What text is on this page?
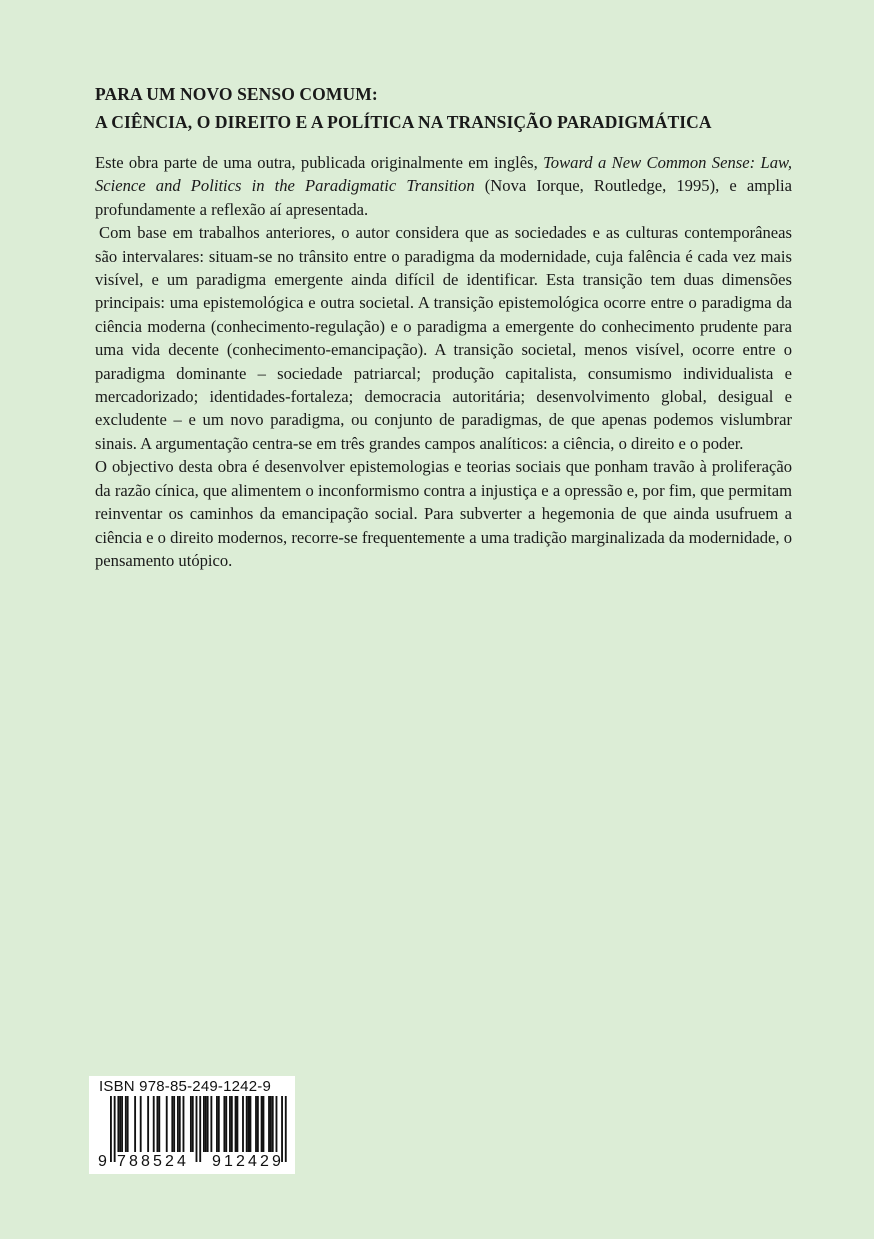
PARA UM NOVO SENSO COMUM:
A CIÊNCIA, O DIREITO E A POLÍTICA NA TRANSIÇÃO PARADIGMÁTICA

Este obra parte de uma outra, publicada originalmente em inglês, Toward a New Common Sense: Law, Science and Politics in the Paradigmatic Transition (Nova Iorque, Routledge, 1995), e amplia profundamente a reflexão aí apresentada.

Com base em trabalhos anteriores, o autor considera que as sociedades e as culturas contemporâneas são intervalares: situam-se no trânsito entre o paradigma da modernidade, cuja falência é cada vez mais visível, e um paradigma emergente ainda difícil de identificar. Esta transição tem duas dimensões principais: uma epistemológica e outra societal. A transição epistemológica ocorre entre o paradigma da ciência moderna (conhecimento-regulação) e o paradigma a emergente do conhecimento prudente para uma vida decente (conhecimento-emancipação). A transição societal, menos visível, ocorre entre o paradigma dominante – sociedade patriarcal; produção capitalista, consumismo individualista e mercadorizado; identidades-fortaleza; democracia autoritária; desenvolvimento global, desigual e excludente – e um novo paradigma, ou conjunto de paradigmas, de que apenas podemos vislumbrar sinais. A argumentação centra-se em três grandes campos analíticos: a ciência, o direito e o poder.

O objectivo desta obra é desenvolver epistemologias e teorias sociais que ponham travão à proliferação da razão cínica, que alimentem o inconformismo contra a injustiça e a opressão e, por fim, que permitam reinventar os caminhos da emancipação social. Para subverter a hegemonia de que ainda usufruem a ciência e o direito modernos, recorre-se frequentemente a uma tradição marginalizada da modernidade, o pensamento utópico.

ISBN 978-85-249-1242-9
9 788524 912429
